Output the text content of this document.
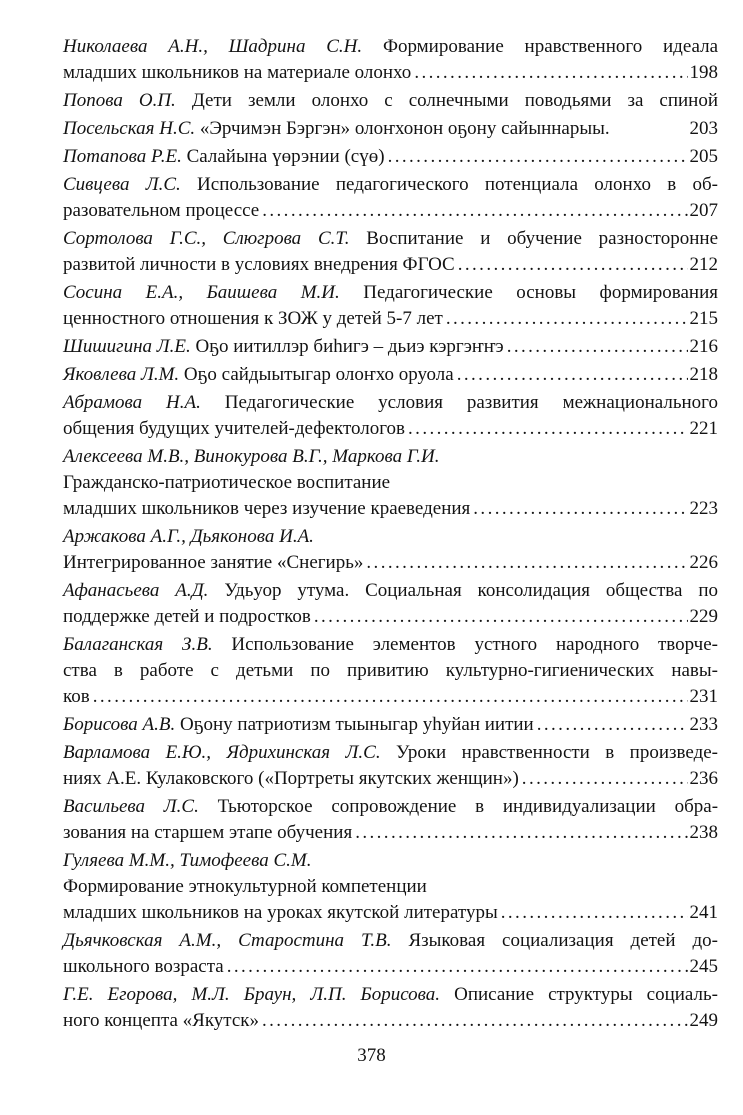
Николаева А.Н., Шадрина С.Н. Формирование нравственного идеала
младших школьников на материале олонхо .....	198
Попова О.П. Дети земли олонхо с солнечными поводьями за спиной
Посельская Н.С. «Эрчимэн Бэргэн» олоҥхонон оҕону сайыннарыы.	203
Потапова Р.Е. Салайына үөрэнии (сүө) .....	205
Сивцева Л.С. Использование педагогического потенциала олонхо в об-
разовательном процессе .....	207
Сортолова Г.С., Слюгрова С.Т. Воспитание и обучение разносторонне
развитой личности в условиях внедрения ФГОС .....	212
Сосина Е.А., Баишева М.И. Педагогические основы формирования
ценностного отношения к ЗОЖ у детей 5-7 лет .....	215
Шишигина Л.Е. Оҕо иитиллэр биһигэ – дьиэ кэргэҥҥэ .....	216
Яковлева Л.М. Оҕо сайдыытыгар олоҥхо оруола .....	218
Абрамова Н.А. Педагогические условия развития межнационального
общения будущих учителей-дефектологов .....	221
Алексеева М.В., Винокурова В.Г., Маркова Г.И.
Гражданско-патриотическое воспитание
младших школьников через изучение краеведения .....	223
Аржакова А.Г., Дьяконова И.А.
Интегрированное занятие «Снегирь» .....	226
Афанасьева А.Д. Удьуор утума. Социальная консолидация общества по
поддержке детей и подростков .....	229
Балаганская З.В. Использование элементов устного народного творче-
ства в работе с детьми по привитию культурно-гигиенических навы-
ков .....	231
Борисова А.В. Оҕону патриотизм тыыныгар уһуйан иитии .....	233
Варламова Е.Ю., Ядрихинская Л.С. Уроки нравственности в произведе-
ниях А.Е. Кулаковского («Портреты якутских женщин») .....	236
Васильева Л.С. Тьюторское сопровождение в индивидуализации обра-
зования на старшем этапе обучения .....	238
Гуляева М.М., Тимофеева С.М.
Формирование этнокультурной компетенции
младших школьников на уроках якутской литературы .....	241
Дьячковская А.М., Старостина Т.В. Языковая социализация детей до-
школьного возраста .....	245
Г.Е. Егорова, М.Л. Браун, Л.П. Борисова. Описание структуры социаль-
ного концепта «Якутск» .....	249
378
